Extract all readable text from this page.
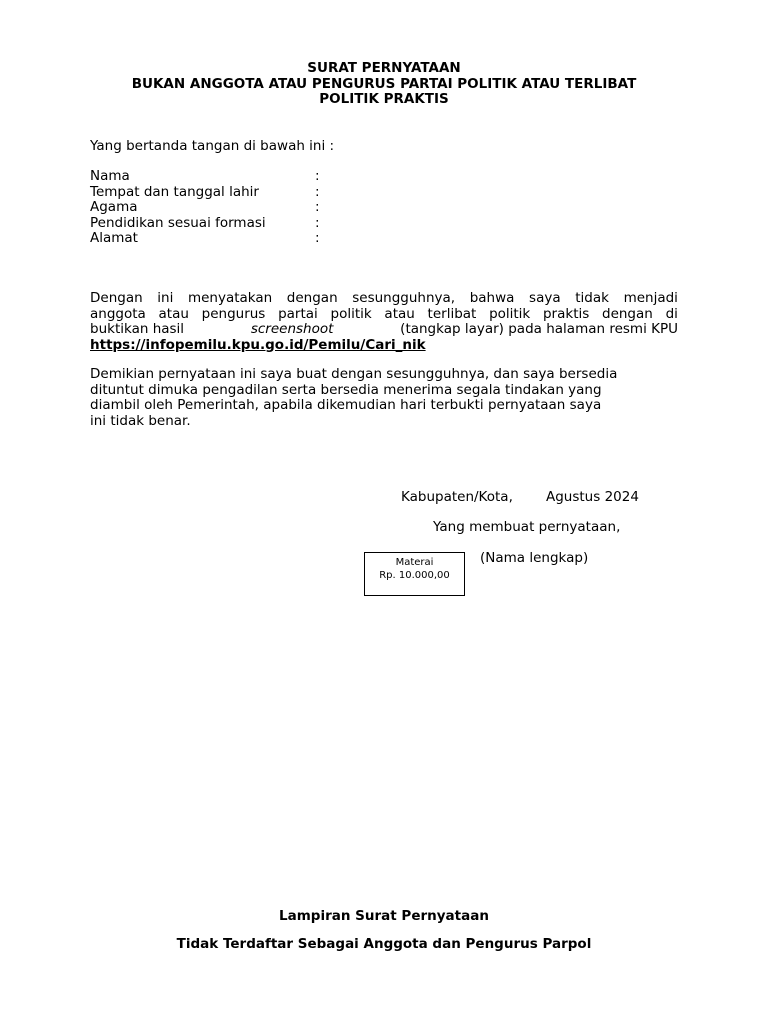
SURAT PERNYATAAN
BUKAN ANGGOTA ATAU PENGURUS PARTAI POLITIK ATAU TERLIBAT
POLITIK PRAKTIS
Yang bertanda tangan di bawah ini :
Nama	:
Tempat dan tanggal lahir	:
Agama	:
Pendidikan sesuai formasi	:
Alamat	:
Dengan ini menyatakan dengan sesungguhnya, bahwa saya tidak menjadi
anggota atau pengurus partai politik atau terlibat politik praktis dengan di
buktikan hasil	screenshoot	(tangkap layar) pada halaman resmi KPU
https://infopemilu.kpu.go.id/Pemilu/Cari_nik
Demikian pernyataan ini saya buat dengan sesungguhnya, dan saya bersedia
dituntut dimuka pengadilan serta bersedia menerima segala tindakan yang
diambil oleh Pemerintah, apabila dikemudian hari terbukti pernyataan saya
ini tidak benar.
Kabupaten/Kota, Agustus 2024
Yang membuat pernyataan,
Materai
Rp. 10.000,00
(Nama lengkap)
Lampiran Surat Pernyataan
Tidak Terdaftar Sebagai Anggota dan Pengurus Parpol
